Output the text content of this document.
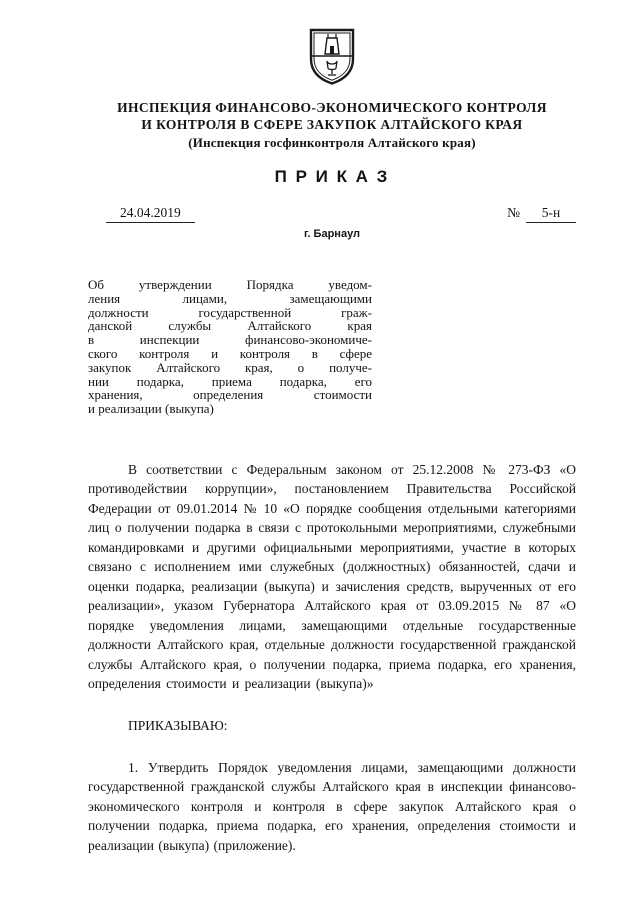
ИНСПЕКЦИЯ ФИНАНСОВО-ЭКОНОМИЧЕСКОГО КОНТРОЛЯ
И КОНТРОЛЯ В СФЕРЕ ЗАКУПОК АЛТАЙСКОГО КРАЯ
(Инспекция госфинконтроля Алтайского края)
П Р И К А З
24.04.2019	№ 5-н
г. Барнаул
Об утверждении Порядка уведом-
ления лицами, замещающими
должности государственной граж-
данской службы Алтайского края
в инспекции финансово-экономиче-
ского контроля и контроля в сфере
закупок Алтайского края, о получе-
нии подарка, приема подарка, его
хранения, определения стоимости
и реализации (выкупа)
В соответствии с Федеральным законом от 25.12.2008 № 273-ФЗ «О противодействии коррупции», постановлением Правительства Российской Федерации от 09.01.2014 № 10 «О порядке сообщения отдельными категориями лиц о получении подарка в связи с протокольными мероприятиями, служебными командировками и другими официальными мероприятиями, участие в которых связано с исполнением ими служебных (должностных) обязанностей, сдачи и оценки подарка, реализации (выкупа) и зачисления средств, вырученных от его реализации», указом Губернатора Алтайского края от 03.09.2015 № 87 «О порядке уведомления лицами, замещающими отдельные государственные должности Алтайского края, отдельные должности государственной гражданской службы Алтайского края, о получении подарка, приема подарка, его хранения, определения стоимости и реализации (выкупа)»
ПРИКАЗЫВАЮ:
1. Утвердить Порядок уведомления лицами, замещающими должности государственной гражданской службы Алтайского края в инспекции финансово-экономического контроля и контроля в сфере закупок Алтайского края о получении подарка, приема подарка, его хранения, определения стоимости и реализации (выкупа) (приложение).
